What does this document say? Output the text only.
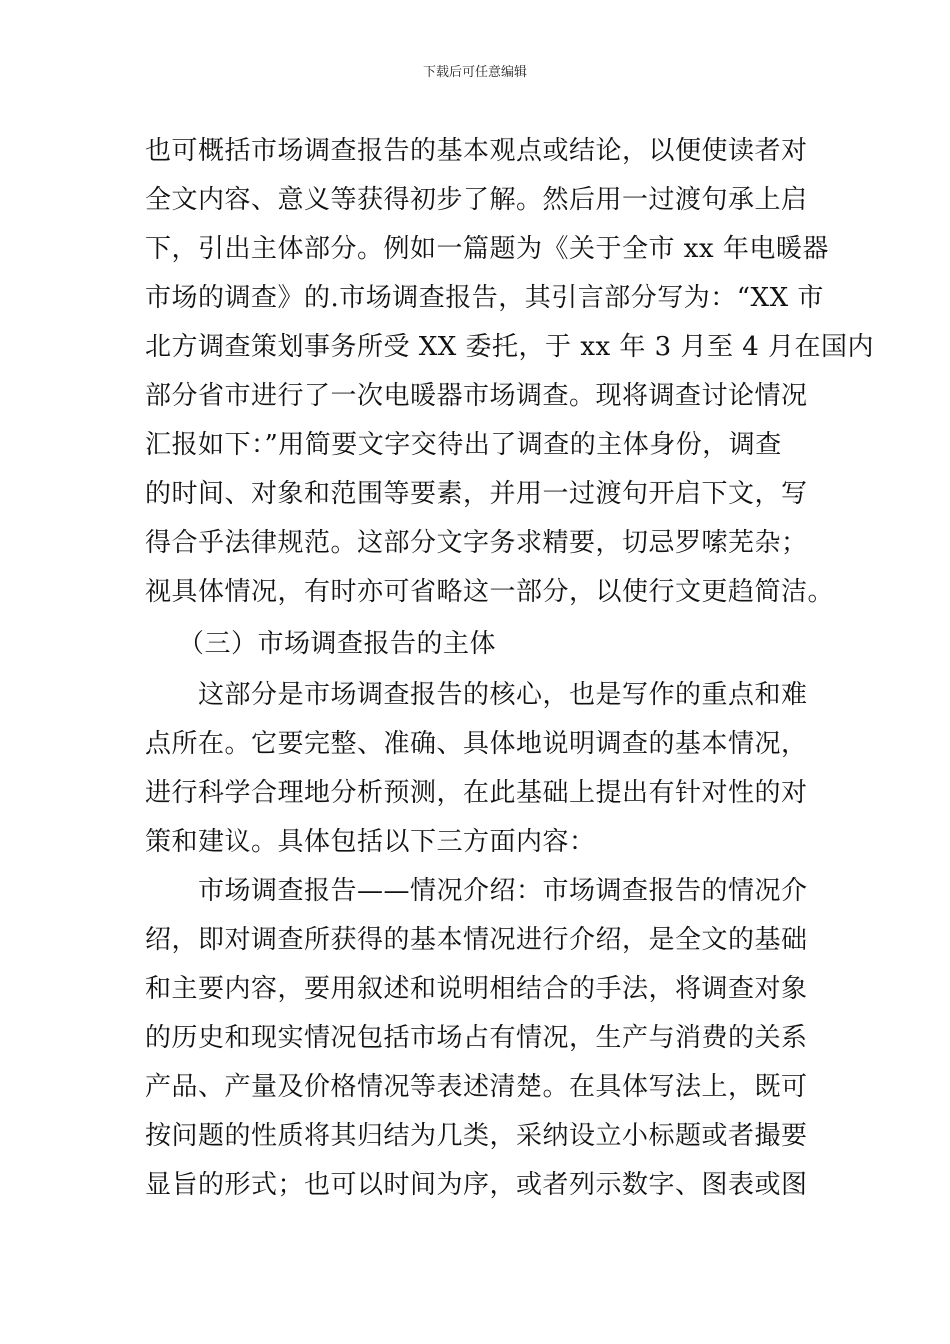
下载后可任意编辑
也可概括市场调查报告的基本观点或结论，以便使读者对
全文内容、意义等获得初步了解。然后用一过渡句承上启
下，引出主体部分。例如一篇题为《关于全市 xx 年电暖器
市场的调查》的.市场调查报告，其引言部分写为：“XX 市
北方调查策划事务所受 XX 委托，于 xx 年 3 月至 4 月在国内
部分省市进行了一次电暖器市场调查。现将调查讨论情况
汇报如下：”用简要文字交待出了调查的主体身份，调查
的时间、对象和范围等要素，并用一过渡句开启下文，写
得合乎法律规范。这部分文字务求精要，切忌罗嗦芜杂；
视具体情况，有时亦可省略这一部分，以使行文更趋简洁。
（三）市场调查报告的主体
这部分是市场调查报告的核心，也是写作的重点和难
点所在。它要完整、准确、具体地说明调查的基本情况，
进行科学合理地分析预测，在此基础上提出有针对性的对
策和建议。具体包括以下三方面内容：
市场调查报告——情况介绍：市场调查报告的情况介
绍，即对调查所获得的基本情况进行介绍，是全文的基础
和主要内容，要用叙述和说明相结合的手法，将调查对象
的历史和现实情况包括市场占有情况，生产与消费的关系
产品、产量及价格情况等表述清楚。在具体写法上，既可
按问题的性质将其归结为几类，采纳设立小标题或者撮要
显旨的形式；也可以时间为序，或者列示数字、图表或图
